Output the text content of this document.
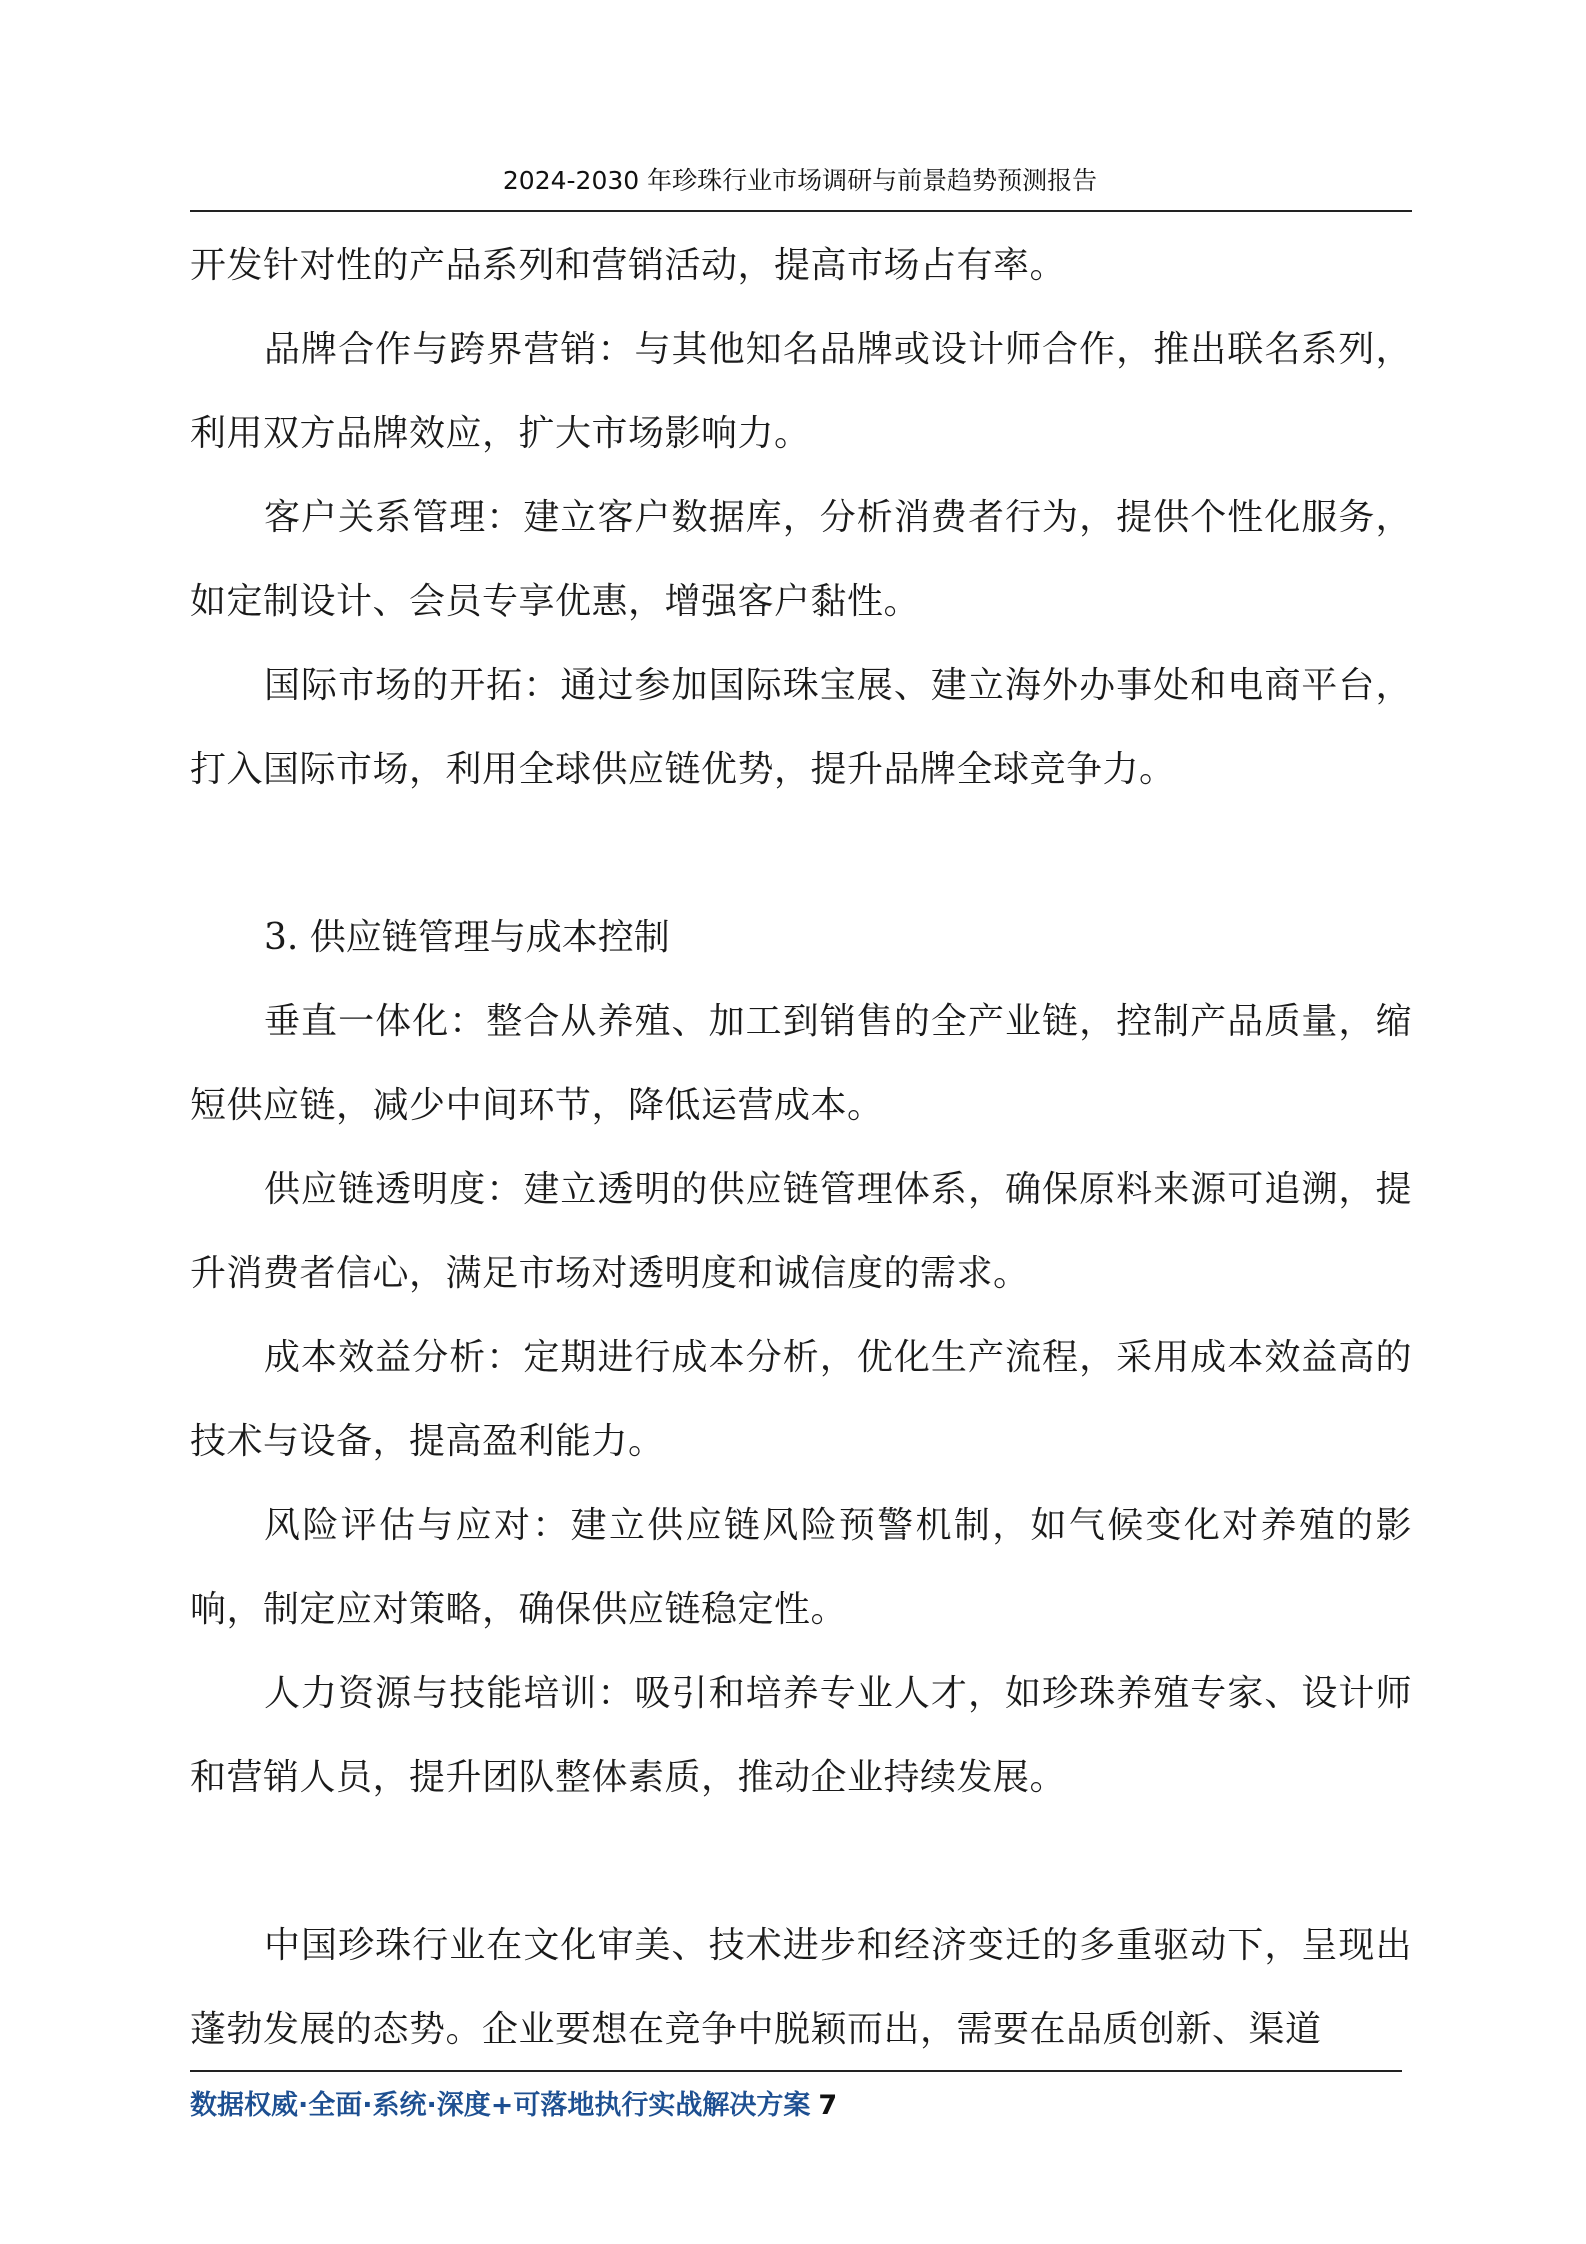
2024-2030 年珍珠行业市场调研与前景趋势预测报告

开发针对性的产品系列和营销活动，提高市场占有率。

品牌合作与跨界营销：与其他知名品牌或设计师合作，推出联名系列，利用双方品牌效应，扩大市场影响力。

客户关系管理：建立客户数据库，分析消费者行为，提供个性化服务，如定制设计、会员专享优惠，增强客户黏性。

国际市场的开拓：通过参加国际珠宝展、建立海外办事处和电商平台，打入国际市场，利用全球供应链优势，提升品牌全球竞争力。

3. 供应链管理与成本控制

垂直一体化：整合从养殖、加工到销售的全产业链，控制产品质量，缩短供应链，减少中间环节，降低运营成本。

供应链透明度：建立透明的供应链管理体系，确保原料来源可追溯，提升消费者信心，满足市场对透明度和诚信度的需求。

成本效益分析：定期进行成本分析，优化生产流程，采用成本效益高的技术与设备，提高盈利能力。

风险评估与应对：建立供应链风险预警机制，如气候变化对养殖的影响，制定应对策略，确保供应链稳定性。

人力资源与技能培训：吸引和培养专业人才，如珍珠养殖专家、设计师和营销人员，提升团队整体素质，推动企业持续发展。

中国珍珠行业在文化审美、技术进步和经济变迁的多重驱动下，呈现出蓬勃发展的态势。企业要想在竞争中脱颖而出，需要在品质创新、渠道

数据权威·全面·系统·深度+可落地执行实战解决方案 7
